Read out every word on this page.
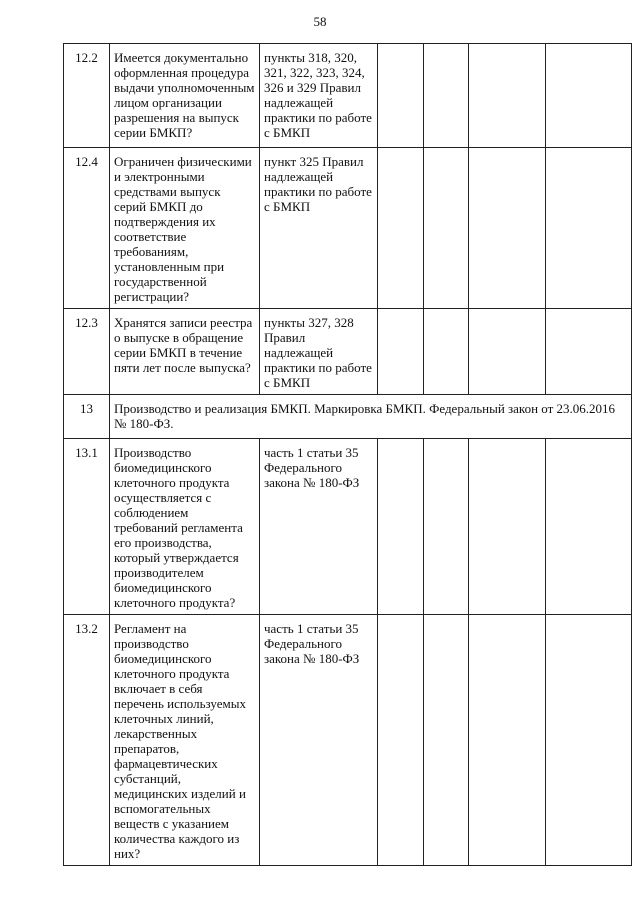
58
12.2	Имеется документально оформленная процедура выдачи уполномоченным лицом организации разрешения на выпуск серии БМКП?	пункты 318, 320, 321, 322, 323, 324, 326 и 329 Правил надлежащей практики по работе с БМКП				
12.4	Ограничен физическими и электронными средствами выпуск серий БМКП до подтверждения их соответствие требованиям, установленным при государственной регистрации?	пункт 325 Правил надлежащей практики по работе с БМКП				
12.3	Хранятся записи реестра о выпуске в обращение серии БМКП в течение пяти лет после выпуска?	пункты 327, 328 Правил надлежащей практики по работе с БМКП				
13	Производство и реализация БМКП. Маркировка БМКП. Федеральный закон от 23.06.2016 № 180-ФЗ.					
13.1	Производство биомедицинского клеточного продукта осуществляется с соблюдением требований регламента его производства, который утверждается производителем биомедицинского клеточного продукта?	часть 1 статьи 35 Федерального закона № 180-ФЗ				
13.2	Регламент на производство биомедицинского клеточного продукта включает в себя перечень используемых клеточных линий, лекарственных препаратов, фармацевтических субстанций, медицинских изделий и вспомогательных веществ с указанием количества каждого из них?	часть 1 статьи 35 Федерального закона № 180-ФЗ				
